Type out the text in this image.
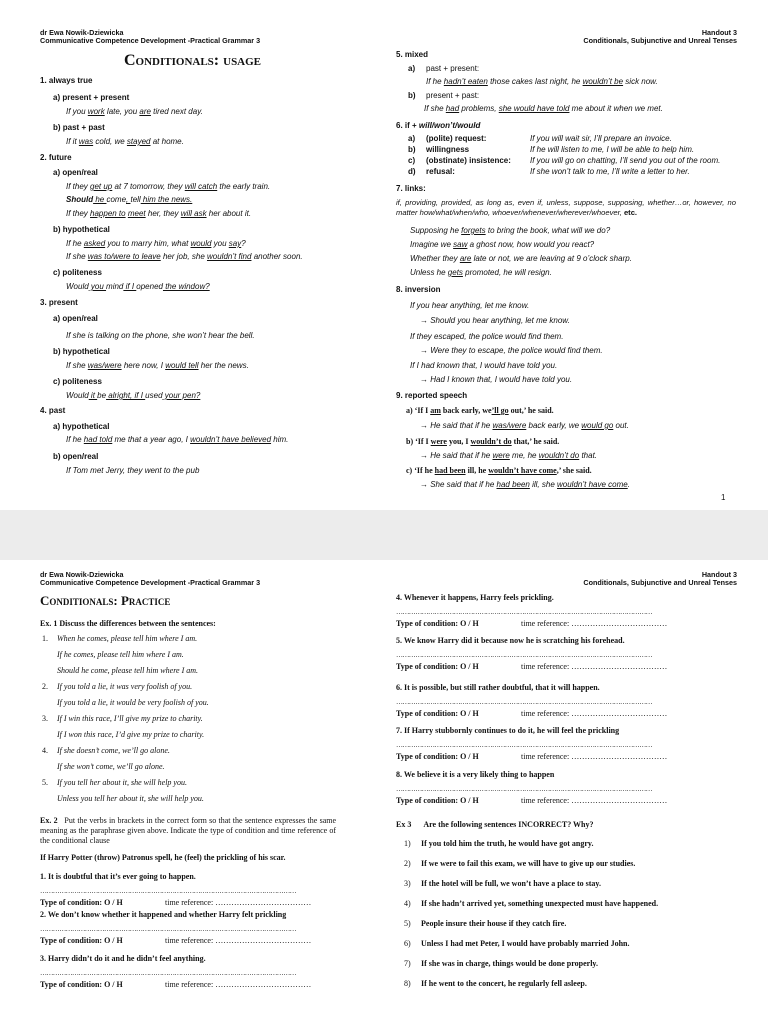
dr Ewa Nowik-Dziewicka
Communicative Competence Development -Practical Grammar 3
Handout 3
Conditionals, Subjunctive and Unreal Tenses
Conditionals: usage
1. always true
a) present + present
If you work late, you are tired next day.
b) past + past
If it was cold, we stayed at home.
2. future
a) open/real
If they get up at 7 tomorrow, they will catch the early train.
Should he come, tell him the news.
If they happen to meet her, they will ask her about it.
b) hypothetical
If he asked you to marry him, what would you say?
If she was to/were to leave her job, she wouldn’t find another soon.
c) politeness
Would you mind if I opened the window?
3. present
a) open/real
If she is talking on the phone, she won’t hear the bell.
b) hypothetical
If she was/were here now, I would tell her the news.
c) politeness
Would it be alright, if I used your pen?
4. past
a) hypothetical
If he had told me that a year ago, I wouldn’t have believed him.
b) open/real
If Tom met Jerry, they went to the pub
5. mixed
a) past + present:
If he hadn’t eaten those cakes last night, he wouldn’t be sick now.
b) present + past:
If she had problems, she would have told me about it when we met.
6. if + will/won’t/would
a) (polite) request:	If you will wait sir, I’ll prepare an invoice.
b) willingness	If he will listen to me, I will be able to help him.
c) (obstinate) insistence: If you will go on chatting, I’ll send you out of the room.
d) refusal:	If she won’t talk to me, I’ll write a letter to her.
7. links:
if, providing, provided, as long as, even if, unless, suppose, supposing, whether…or, however, no matter how/what/when/who, whoever/whenever/wherever/whoever, etc.
Supposing he forgets to bring the book, what will we do?
Imagine we saw a ghost now, how would you react?
Whether they are late or not, we are leaving at 9 o’clock sharp.
Unless he gets promoted, he will resign.
8. inversion
If you hear anything, let me know.
→ Should you hear anything, let me know.
If they escaped, the police would find them.
→ Were they to escape, the police would find them.
If I had known that, I would have told you.
→ Had I known that, I would have told you.
9. reported speech
a) ‘If I am back early, we’ll go out,’ he said.
→ He said that if he was/were back early, we would go out.
b) ‘If I were you, I wouldn’t do that,’ he said.
→ He said that if he were me, he wouldn’t do that.
c) ‘If he had been ill, he wouldn’t have come,’ she said.
→ She said that if he had been ill, she wouldn’t have come.
1
dr Ewa Nowik-Dziewicka
Communicative Competence Development -Practical Grammar 3
Handout 3
Conditionals, Subjunctive and Unreal Tenses
Conditionals: Practice
Ex. 1 Discuss the differences between the sentences:
1. When he comes, please tell him where I am.
If he comes, please tell him where I am.
Should he come, please tell him where I am.
2. If you told a lie, it was very foolish of you.
If you told a lie, it would be very foolish of you.
3. If I win this race, I’ll give my prize to charity.
If I won this race, I’d give my prize to charity.
4. If she doesn’t come, we’ll go alone.
If she won’t come, we’ll go alone.
5. If you tell her about it, she will help you.
Unless you tell her about it, she will help you.
Ex. 2 Put the verbs in brackets in the correct form so that the sentence expresses the same meaning as the paraphrase given above. Indicate the type of condition and time reference of the conditional clause
If Harry Potter (throw) Patronus spell, he (feel) the prickling of his scar.
1. It is doubtful that it’s ever going to happen.
…………………………………………………………………………………………………………
Type of condition: O / H	time reference: ………………………………
2. We don’t know whether it happened and whether Harry felt prickling
…………………………………………………………………………………………………………
Type of condition: O / H	time reference: ………………………………
3. Harry didn’t do it and he didn’t feel anything.
…………………………………………………………………………………………………………
Type of condition: O / H	time reference: ………………………………
4. Whenever it happens, Harry feels prickling.
…………………………………………………………………………………………………………
Type of condition: O / H	time reference: ………………………………
5. We know Harry did it because now he is scratching his forehead.
…………………………………………………………………………………………………………
Type of condition: O / H	time reference: ………………………………
6. It is possible, but still rather doubtful, that it will happen.
…………………………………………………………………………………………………………
Type of condition: O / H	time reference: ………………………………
7. If Harry stubbornly continues to do it, he will feel the prickling
…………………………………………………………………………………………………………
Type of condition: O / H	time reference: ………………………………
8. We believe it is a very likely thing to happen
…………………………………………………………………………………………………………
Type of condition: O / H	time reference: ………………………………
Ex 3 Are the following sentences INCORRECT? Why?
1) If you told him the truth, he would have got angry.
2) If we were to fail this exam, we will have to give up our studies.
3) If the hotel will be full, we won’t have a place to stay.
4) If she hadn’t arrived yet, something unexpected must have happened.
5) People insure their house if they catch fire.
6) Unless I had met Peter, I would have probably married John.
7) If she was in charge, things would be done properly.
8) If he went to the concert, he regularly fell asleep.
